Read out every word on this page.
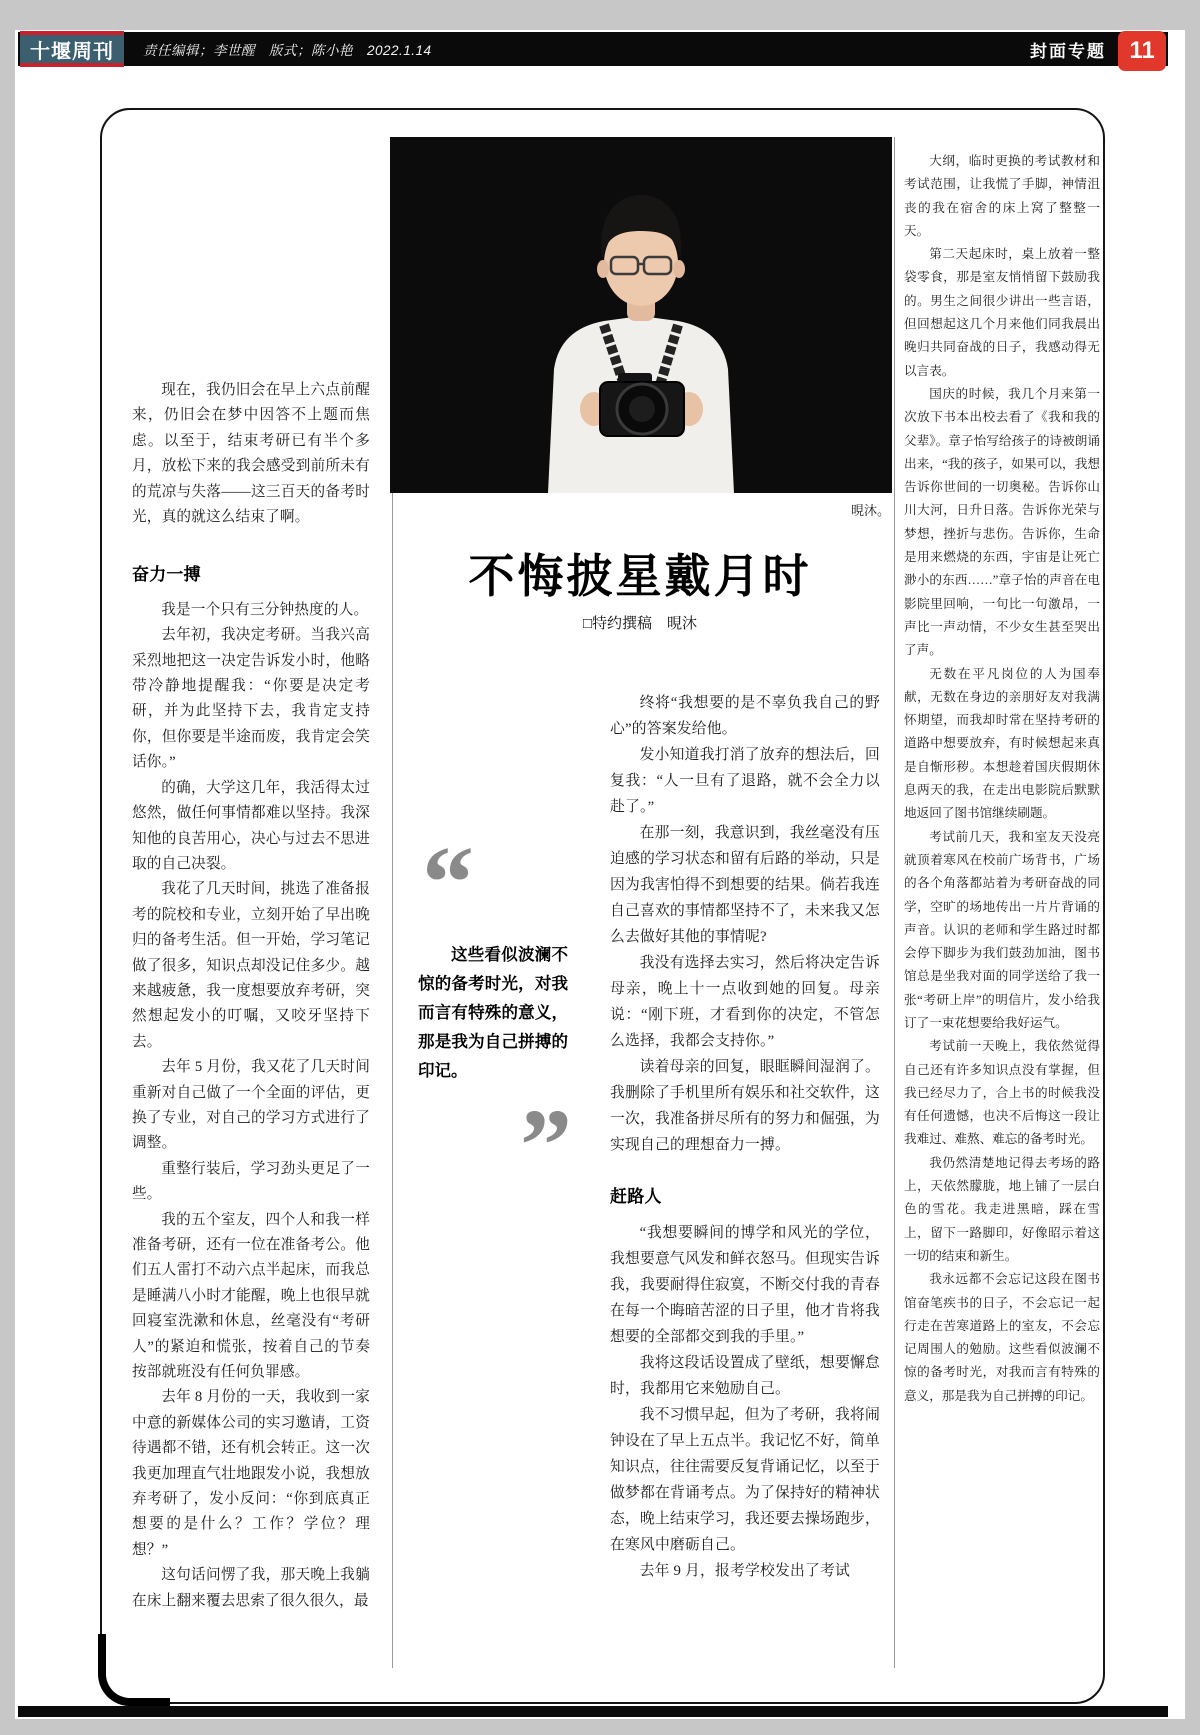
十堰周刊 责任编辑；李世醒　版式；陈小艳　2022.1.14	封面专题 11
晛沐。
不悔披星戴月时
□特约撰稿　晛沐

现在，我仍旧会在早上六点前醒来，仍旧会在梦中因答不上题而焦虑。以至于，结束考研已有半个多月，放松下来的我会感受到前所未有的荒凉与失落——这三百天的备考时光，真的就这么结束了啊。

奋力一搏

我是一个只有三分钟热度的人。

去年初，我决定考研。当我兴高采烈地把这一决定告诉发小时，他略带冷静地提醒我：“你要是决定考研，并为此坚持下去，我肯定支持你，但你要是半途而废，我肯定会笑话你。”

的确，大学这几年，我活得太过悠然，做任何事情都难以坚持。我深知他的良苦用心，决心与过去不思进取的自己决裂。

我花了几天时间，挑选了准备报考的院校和专业，立刻开始了早出晚归的备考生活。但一开始，学习笔记做了很多，知识点却没记住多少。越来越疲惫，我一度想要放弃考研，突然想起发小的叮嘱，又咬牙坚持下去。

去年 5 月份，我又花了几天时间重新对自己做了一个全面的评估，更换了专业，对自己的学习方式进行了调整。

重整行装后，学习劲头更足了一些。

我的五个室友，四个人和我一样准备考研，还有一位在准备考公。他们五人雷打不动六点半起床，而我总是睡满八小时才能醒，晚上也很早就回寝室洗漱和休息，丝毫没有“考研人”的紧迫和慌张，按着自己的节奏按部就班没有任何负罪感。

去年 8 月份的一天，我收到一家中意的新媒体公司的实习邀请，工资待遇都不错，还有机会转正。这一次我更加理直气壮地跟发小说，我想放弃考研了，发小反问：“你到底真正想要的是什么？工作？学位？理想？”

这句话问愣了我，那天晚上我躺在床上翻来覆去思索了很久很久，最

“
这些看似波澜不惊的备考时光，对我而言有特殊的意义，那是我为自己拼搏的印记。
”

终将“我想要的是不辜负我自己的野心”的答案发给他。

发小知道我打消了放弃的想法后，回复我：“人一旦有了退路，就不会全力以赴了。”

在那一刻，我意识到，我丝毫没有压迫感的学习状态和留有后路的举动，只是因为我害怕得不到想要的结果。倘若我连自己喜欢的事情都坚持不了，未来我又怎么去做好其他的事情呢?

我没有选择去实习，然后将决定告诉母亲，晚上十一点收到她的回复。母亲说：“刚下班，才看到你的决定，不管怎么选择，我都会支持你。”

读着母亲的回复，眼眶瞬间湿润了。我删除了手机里所有娱乐和社交软件，这一次，我准备拼尽所有的努力和倔强，为实现自己的理想奋力一搏。

赶路人

“我想要瞬间的博学和风光的学位，我想要意气风发和鲜衣怒马。但现实告诉我，我要耐得住寂寞，不断交付我的青春在每一个晦暗苦涩的日子里，他才肯将我想要的全部都交到我的手里。”

我将这段话设置成了壁纸，想要懈怠时，我都用它来勉励自己。

我不习惯早起，但为了考研，我将闹钟设在了早上五点半。我记忆不好，简单知识点，往往需要反复背诵记忆，以至于做梦都在背诵考点。为了保持好的精神状态，晚上结束学习，我还要去操场跑步，在寒风中磨砺自己。

去年 9 月，报考学校发出了考试

大纲，临时更换的考试教材和考试范围，让我慌了手脚，神情沮丧的我在宿舍的床上窝了整整一天。

第二天起床时，桌上放着一整袋零食，那是室友悄悄留下鼓励我的。男生之间很少讲出一些言语，但回想起这几个月来他们同我晨出晚归共同奋战的日子，我感动得无以言表。

国庆的时候，我几个月来第一次放下书本出校去看了《我和我的父辈》。章子怡写给孩子的诗被朗诵出来，“我的孩子，如果可以，我想告诉你世间的一切奥秘。告诉你山川大河，日升日落。告诉你光荣与梦想，挫折与悲伤。告诉你，生命是用来燃烧的东西，宇宙是让死亡渺小的东西……”章子怡的声音在电影院里回响，一句比一句激昂，一声比一声动情，不少女生甚至哭出了声。

无数在平凡岗位的人为国奉献，无数在身边的亲朋好友对我满怀期望，而我却时常在坚持考研的道路中想要放弃，有时候想起来真是自惭形秽。本想趁着国庆假期休息两天的我，在走出电影院后默默地返回了图书馆继续刷题。

考试前几天，我和室友天没亮就顶着寒风在校前广场背书，广场的各个角落都站着为考研奋战的同学，空旷的场地传出一片片背诵的声音。认识的老师和学生路过时都会停下脚步为我们鼓劲加油，图书馆总是坐我对面的同学送给了我一张“考研上岸”的明信片，发小给我订了一束花想要给我好运气。

考试前一天晚上，我依然觉得自己还有许多知识点没有掌握，但我已经尽力了，合上书的时候我没有任何遗憾，也决不后悔这一段让我难过、难熬、难忘的备考时光。

我仍然清楚地记得去考场的路上，天依然朦胧，地上铺了一层白色的雪花。我走进黑暗，踩在雪上，留下一路脚印，好像昭示着这一切的结束和新生。

我永远都不会忘记这段在图书馆奋笔疾书的日子，不会忘记一起行走在苦寒道路上的室友，不会忘记周围人的勉励。这些看似波澜不惊的备考时光，对我而言有特殊的意义，那是我为自己拼搏的印记。
